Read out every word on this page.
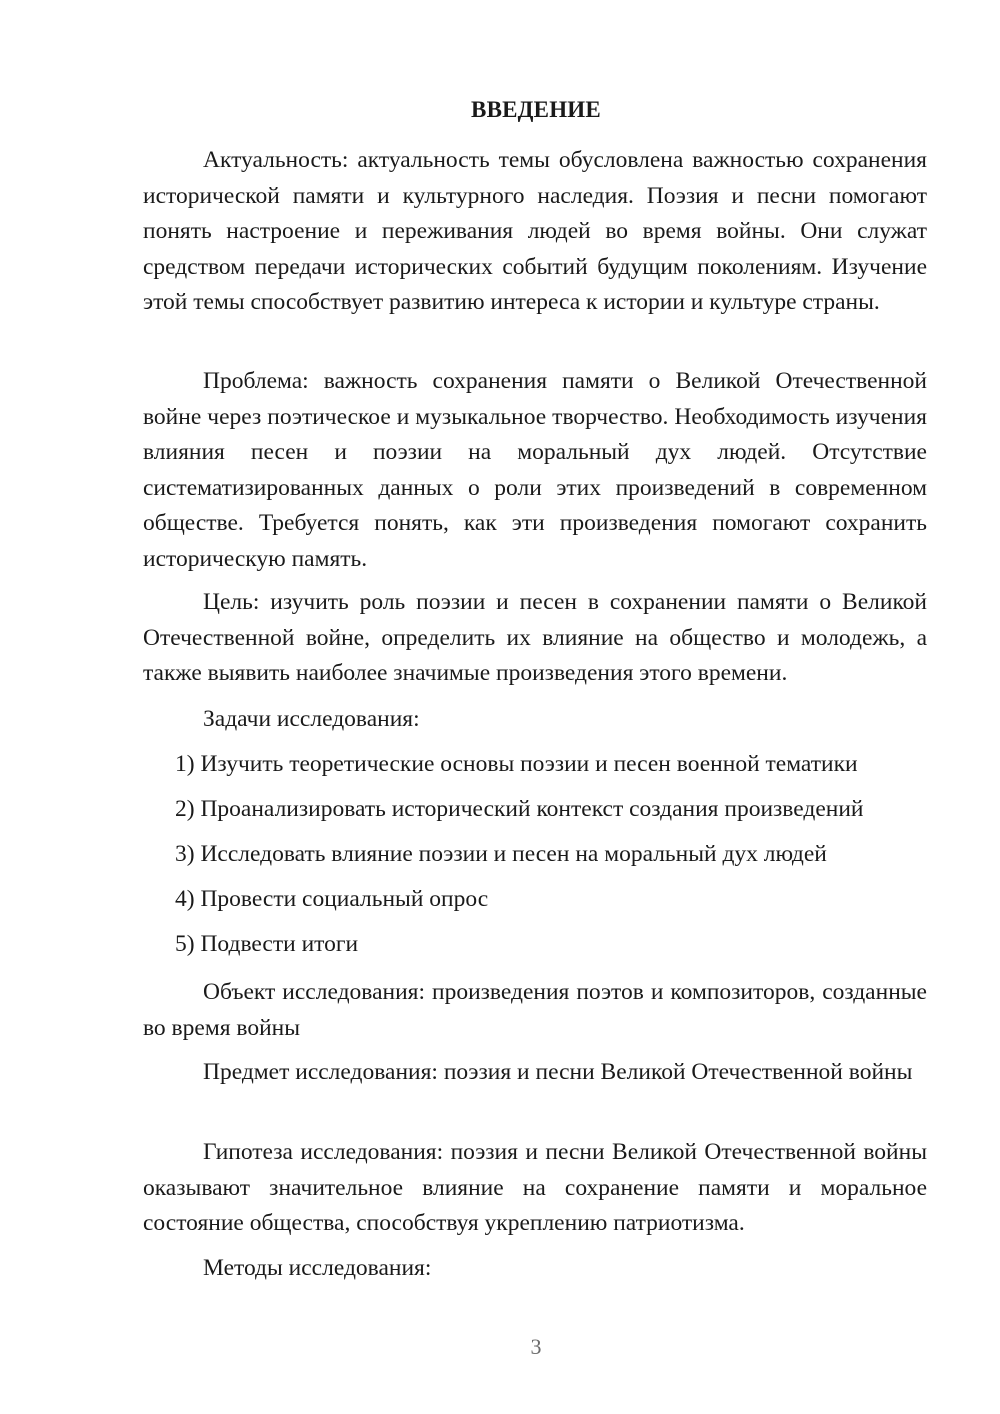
ВВЕДЕНИЕ

Актуальность: актуальность темы обусловлена важностью сохранения исторической памяти и культурного наследия. Поэзия и песни помогают понять настроение и переживания людей во время войны. Они служат средством передачи исторических событий будущим поколениям. Изучение этой темы способствует развитию интереса к истории и культуре страны.

Проблема: важность сохранения памяти о Великой Отечественной войне через поэтическое и музыкальное творчество. Необходимость изучения влияния песен и поэзии на моральный дух людей. Отсутствие систематизированных данных о роли этих произведений в современном обществе. Требуется понять, как эти произведения помогают сохранить историческую память.

Цель: изучить роль поэзии и песен в сохранении памяти о Великой Отечественной войне, определить их влияние на общество и молодежь, а также выявить наиболее значимые произведения этого времени.

Задачи исследования:

1) Изучить теоретические основы поэзии и песен военной тематики

2) Проанализировать исторический контекст создания произведений

3) Исследовать влияние поэзии и песен на моральный дух людей

4) Провести социальный опрос

5) Подвести итоги

Объект исследования: произведения поэтов и композиторов, созданные во время войны

Предмет исследования: поэзия и песни Великой Отечественной войны

Гипотеза исследования: поэзия и песни Великой Отечественной войны оказывают значительное влияние на сохранение памяти и моральное состояние общества, способствуя укреплению патриотизма.

Методы исследования:

3
